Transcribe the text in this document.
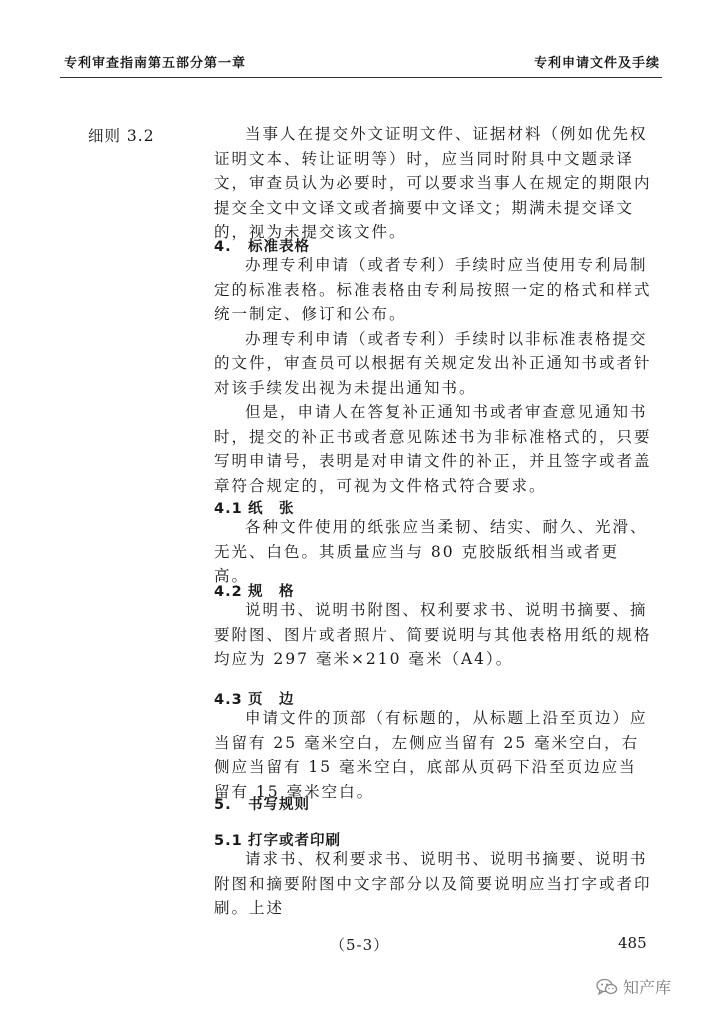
专利审查指南第五部分第一章	专利申请文件及手续
细则 3.2	当事人在提交外文证明文件、证据材料（例如优先权证明文本、转让证明等）时，应当同时附具中文题录译文，审查员认为必要时，可以要求当事人在规定的期限内提交全文中文译文或者摘要中文译文；期满未提交译文的，视为未提交该文件。

4. 标准表格

办理专利申请（或者专利）手续时应当使用专利局制定的标准表格。标准表格由专利局按照一定的格式和样式统一制定、修订和公布。

办理专利申请（或者专利）手续时以非标准表格提交的文件，审查员可以根据有关规定发出补正通知书或者针对该手续发出视为未提出通知书。

但是，申请人在答复补正通知书或者审查意见通知书时，提交的补正书或者意见陈述书为非标准格式的，只要写明申请号，表明是对申请文件的补正，并且签字或者盖章符合规定的，可视为文件格式符合要求。

4.1 纸　张

各种文件使用的纸张应当柔韧、结实、耐久、光滑、无光、白色。其质量应当与 80 克胶版纸相当或者更高。

4.2 规　格

说明书、说明书附图、权利要求书、说明书摘要、摘要附图、图片或者照片、简要说明与其他表格用纸的规格均应为 297 毫米×210 毫米（A4）。

4.3 页　边

申请文件的顶部（有标题的，从标题上沿至页边）应当留有 25 毫米空白，左侧应当留有 25 毫米空白，右侧应当留有 15 毫米空白，底部从页码下沿至页边应当留有 15 毫米空白。

5. 书写规则
5.1 打字或者印刷

请求书、权利要求书、说明书、说明书摘要、说明书附图和摘要附图中文字部分以及简要说明应当打字或者印刷。上述

（5-3）	485
知产库
